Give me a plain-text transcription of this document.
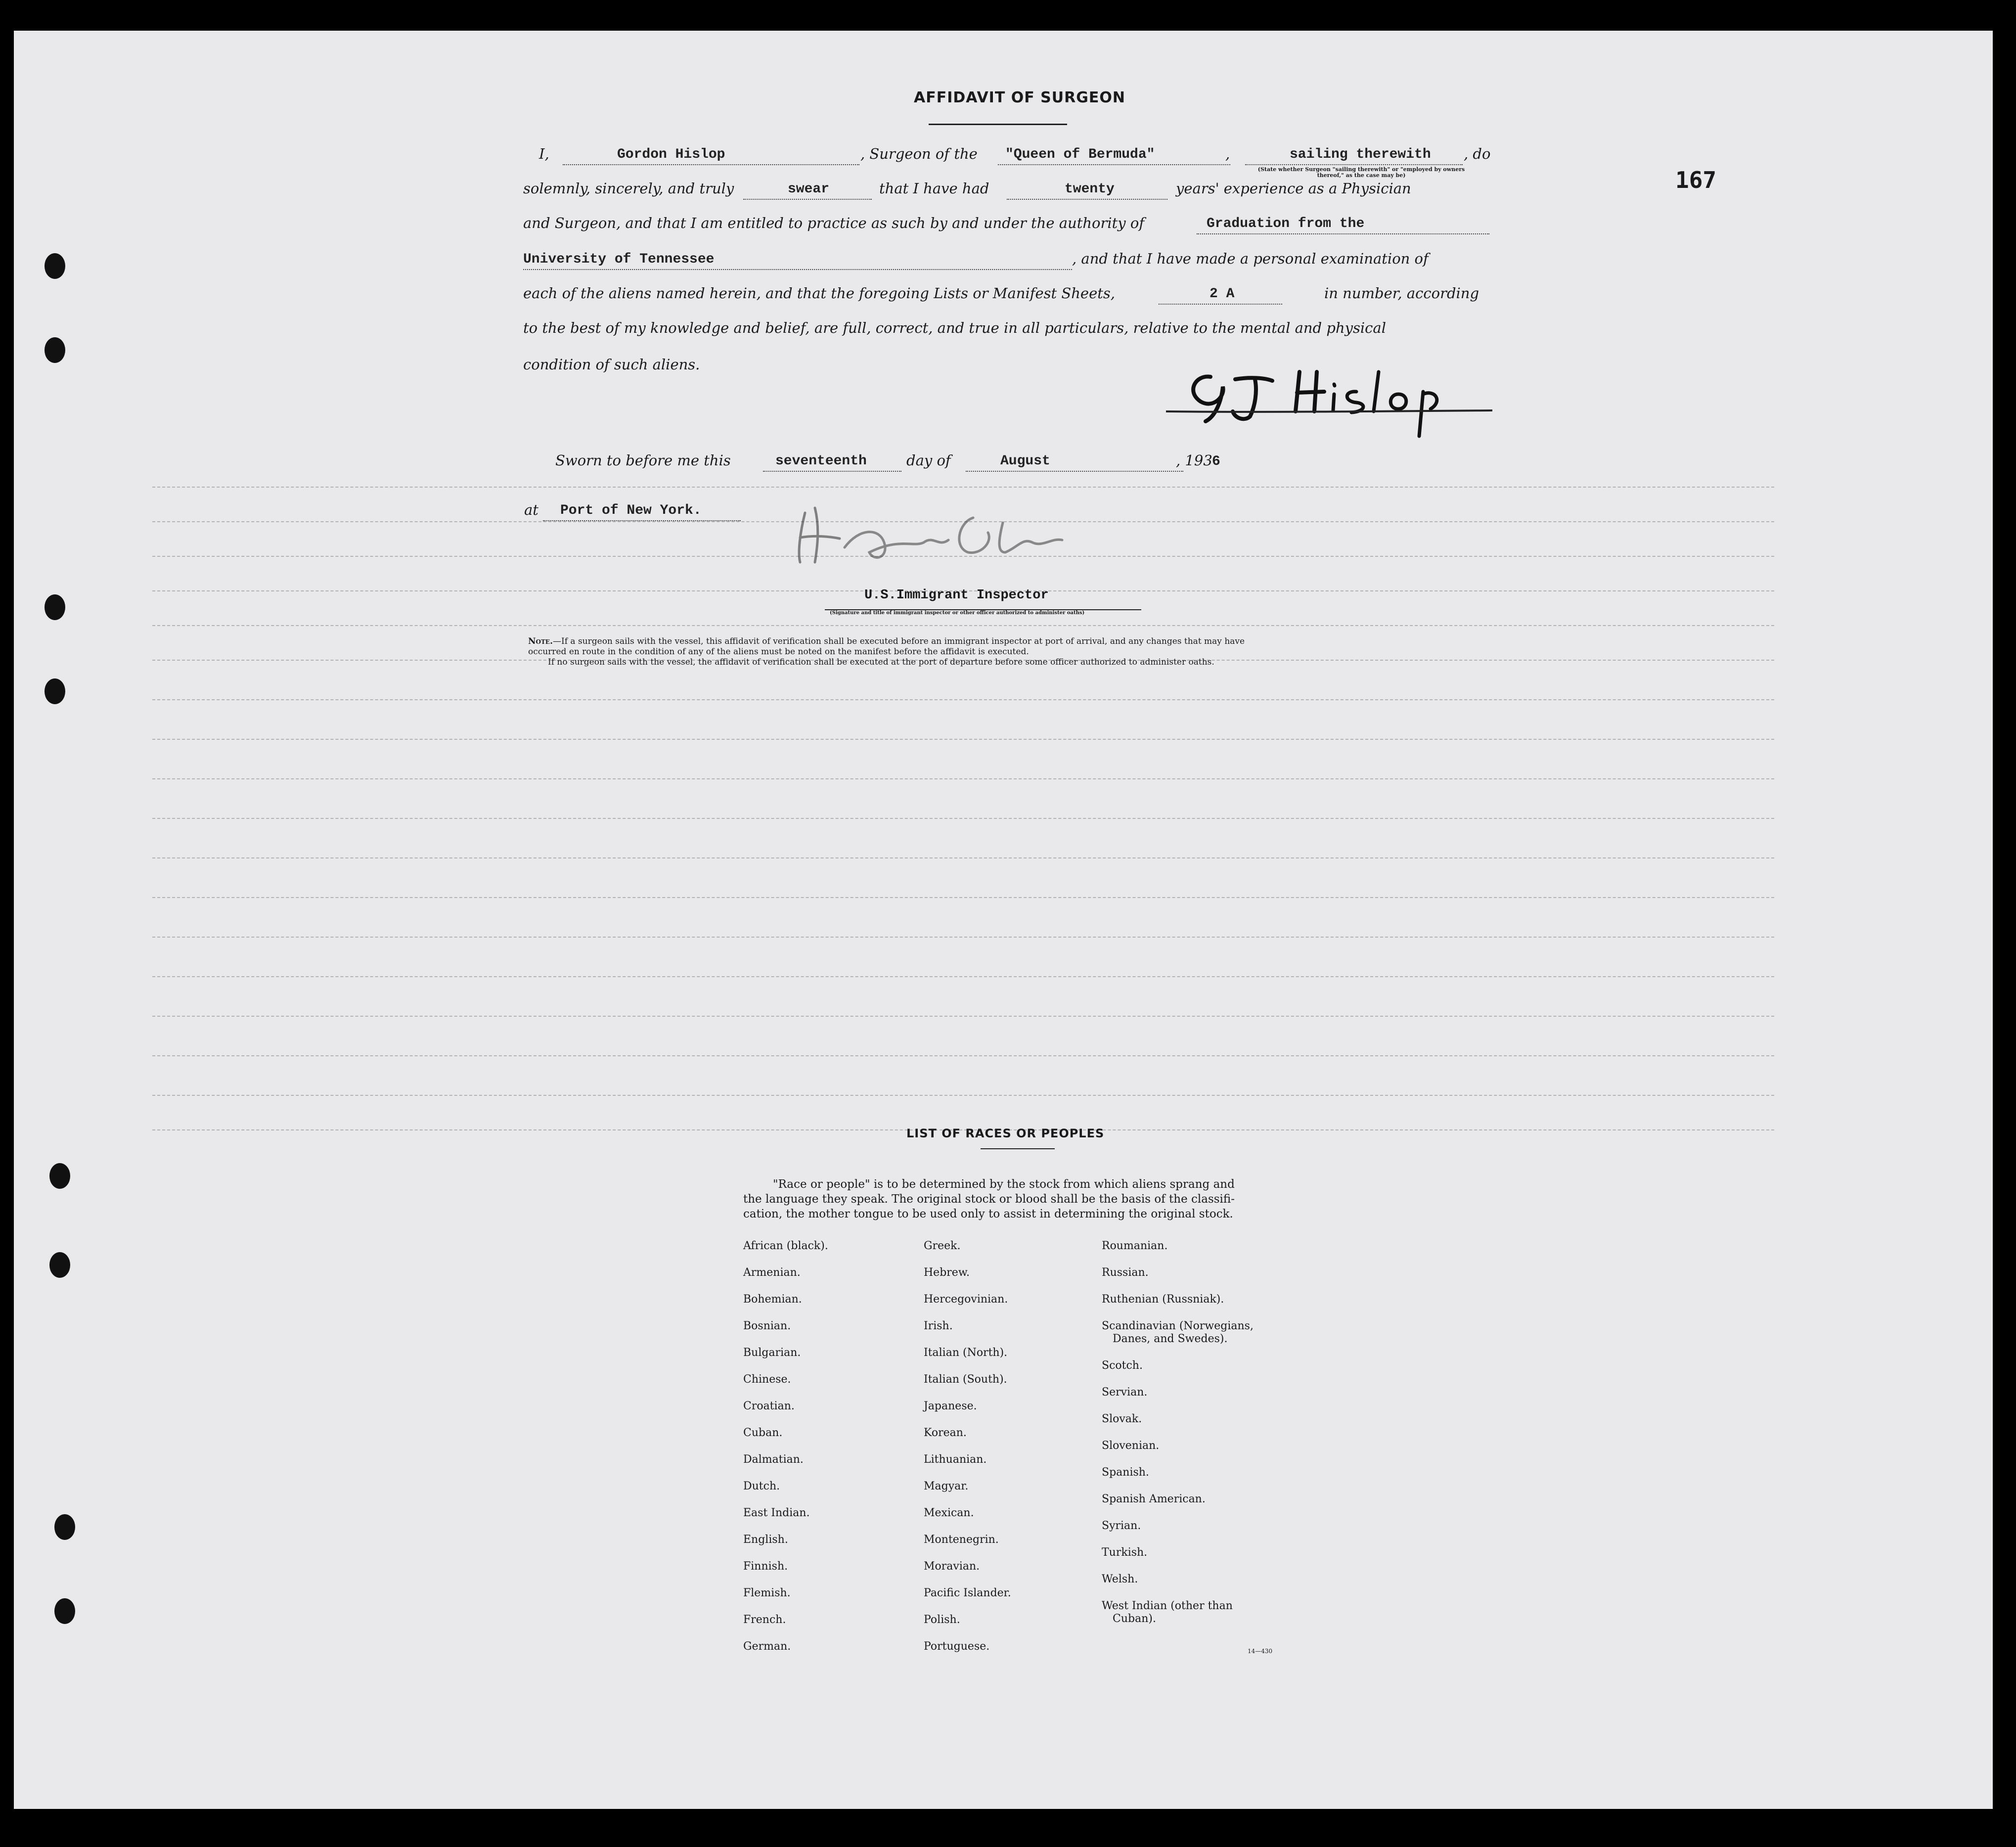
167
AFFIDAVIT OF SURGEON
I,	Gordon Hislop	, Surgeon of the "Queen of Bermuda"	,	sailing therewith , do
(State whether Surgeon "sailing therewith" or "employed by owners thereof," as the case may be)
solemnly, sincerely, and truly	swear	that I have had	twenty	years' experience as a Physician
and Surgeon, and that I am entitled to practice as such by and under the authority of	Graduation from the
University of Tennessee	, and that I have made a personal examination of
each of the aliens named herein, and that the foregoing Lists or Manifest Sheets,	2 A	in number, according
to the best of my knowledge and belief, are full, correct, and true in all particulars, relative to the mental and physical
condition of such aliens.
Sworn to before me this	seventeenth	day of	August	, 193 6
at Port of New York.
U.S.Immigrant Inspector
(Signature and title of immigrant inspector or other officer authorized to administer oaths)
Note.—If a surgeon sails with the vessel, this affidavit of verification shall be executed before an immigrant inspector at port of arrival, and any changes that may have
occurred en route in the condition of any of the aliens must be noted on the manifest before the affidavit is executed.
If no surgeon sails with the vessel, the affidavit of verification shall be executed at the port of departure before some officer authorized to administer oaths.
LIST OF RACES OR PEOPLES
"Race or people" is to be determined by the stock from which aliens sprang and
the language they speak. The original stock or blood shall be the basis of the classifi-
cation, the mother tongue to be used only to assist in determining the original stock.
African (black).
Armenian.
Bohemian.
Bosnian.
Bulgarian.
Chinese.
Croatian.
Cuban.
Dalmatian.
Dutch.
East Indian.
English.
Finnish.
Flemish.
French.
German.
Greek.
Hebrew.
Hercegovinian.
Irish.
Italian (North).
Italian (South).
Japanese.
Korean.
Lithuanian.
Magyar.
Mexican.
Montenegrin.
Moravian.
Pacific Islander.
Polish.
Portuguese.
Roumanian.
Russian.
Ruthenian (Russniak).
Scandinavian (Norwegians,
Danes, and Swedes).
Scotch.
Servian.
Slovak.
Slovenian.
Spanish.
Spanish American.
Syrian.
Turkish.
Welsh.
West Indian (other than
Cuban).
14—430
